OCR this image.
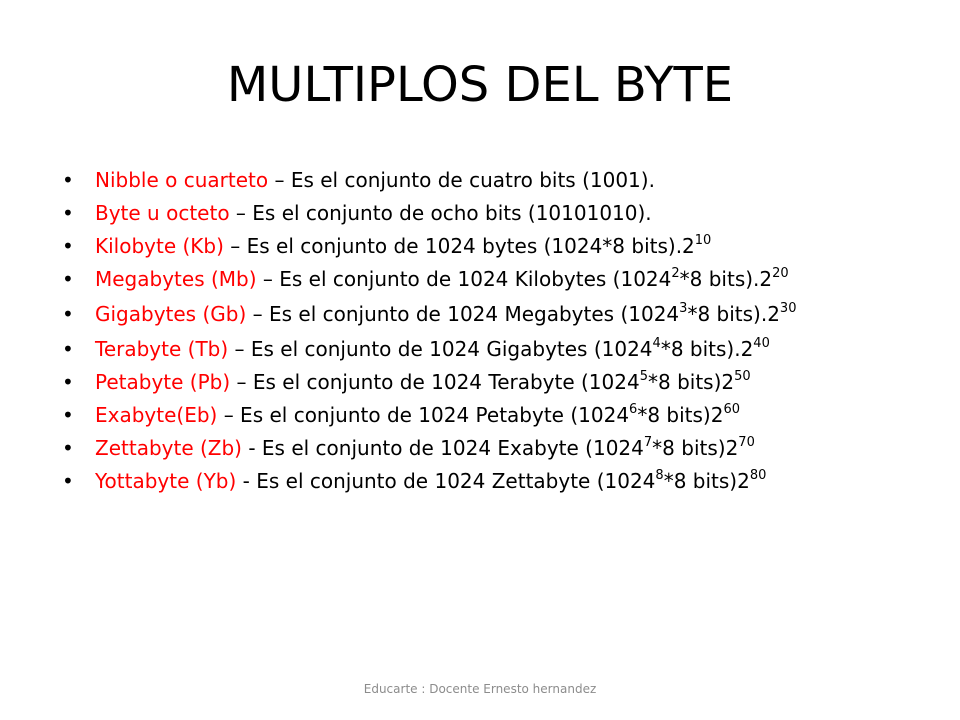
MULTIPLOS DEL BYTE
• Nibble o cuarteto – Es el conjunto de cuatro bits (1001).
• Byte u octeto – Es el conjunto de ocho bits (10101010).
• Kilobyte (Kb) – Es el conjunto de 1024 bytes (1024*8 $bits).2^{10}$
• Megabytes (Mb) – Es el conjunto de 1024 Kilobytes (1024$^2$*8 $bits).2^{20}$
• Gigabytes (Gb) – Es el conjunto de 1024 Megabytes (1024$^3$*8 $bits).2^{30}$
• Terabyte (Tb) – Es el conjunto de 1024 Gigabytes (1024$^4$*8 $bits).2^{40}$
• Petabyte (Pb) – Es el conjunto de 1024 Terabyte (1024$^5$*8 $bits)2^{50}$
• Exabyte(Eb) – Es el conjunto de 1024 Petabyte (1024$^6$*8 $bits)2^{60}$
• Zettabyte (Zb) - Es el conjunto de 1024 Exabyte (1024$^7$*8 $bits)2^{70}$
• Yottabyte (Yb) - Es el conjunto de 1024 Zettabyte (1024$^8$*8 $bits)2^{80}$
Educarte : Docente Ernesto hernandez
